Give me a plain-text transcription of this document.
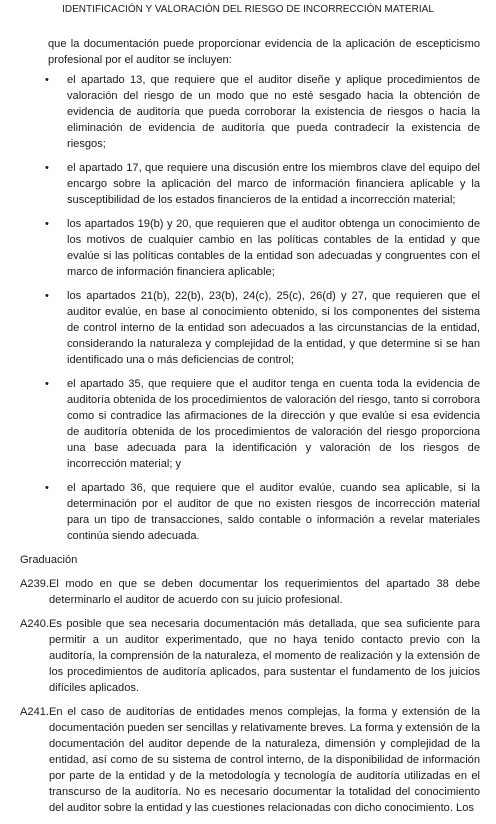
IDENTIFICACIÓN Y VALORACIÓN DEL RIESGO DE INCORRECCIÓN MATERIAL

que la documentación puede proporcionar evidencia de la aplicación de escepticismo profesional por el auditor se incluyen:

• el apartado 13, que requiere que el auditor diseñe y aplique procedimientos de valoración del riesgo de un modo que no esté sesgado hacia la obtención de evidencia de auditoría que pueda corroborar la existencia de riesgos o hacia la eliminación de evidencia de auditoría que pueda contradecir la existencia de riesgos;

• el apartado 17, que requiere una discusión entre los miembros clave del equipo del encargo sobre la aplicación del marco de información financiera aplicable y la susceptibilidad de los estados financieros de la entidad a incorrección material;

• los apartados 19(b) y 20, que requieren que el auditor obtenga un conocimiento de los motivos de cualquier cambio en las políticas contables de la entidad y que evalúe si las políticas contables de la entidad son adecuadas y congruentes con el marco de información financiera aplicable;

• los apartados 21(b), 22(b), 23(b), 24(c), 25(c), 26(d) y 27, que requieren que el auditor evalúe, en base al conocimiento obtenido, si los componentes del sistema de control interno de la entidad son adecuados a las circunstancias de la entidad, considerando la naturaleza y complejidad de la entidad, y que determine si se han identificado una o más deficiencias de control;

• el apartado 35, que requiere que el auditor tenga en cuenta toda la evidencia de auditoría obtenida de los procedimientos de valoración del riesgo, tanto si corrobora como si contradice las afirmaciones de la dirección y que evalúe si esa evidencia de auditoría obtenida de los procedimientos de valoración del riesgo proporciona una base adecuada para la identificación y valoración de los riesgos de incorrección material; y

• el apartado 36, que requiere que el auditor evalúe, cuando sea aplicable, si la determinación por el auditor de que no existen riesgos de incorrección material para un tipo de transacciones, saldo contable o información a revelar materiales continúa siendo adecuada.

Graduación

A239. El modo en que se deben documentar los requerimientos del apartado 38 debe determinarlo el auditor de acuerdo con su juicio profesional.

A240. Es posible que sea necesaria documentación más detallada, que sea suficiente para permitir a un auditor experimentado, que no haya tenido contacto previo con la auditoría, la comprensión de la naturaleza, el momento de realización y la extensión de los procedimientos de auditoría aplicados, para sustentar el fundamento de los juicios difíciles aplicados.

A241. En el caso de auditorías de entidades menos complejas, la forma y extensión de la documentación pueden ser sencillas y relativamente breves. La forma y extensión de la documentación del auditor depende de la naturaleza, dimensión y complejidad de la entidad, así como de su sistema de control interno, de la disponibilidad de información por parte de la entidad y de la metodología y tecnología de auditoría utilizadas en el transcurso de la auditoría. No es necesario documentar la totalidad del conocimiento del auditor sobre la entidad y las cuestiones relacionadas con dicho conocimiento. Los
